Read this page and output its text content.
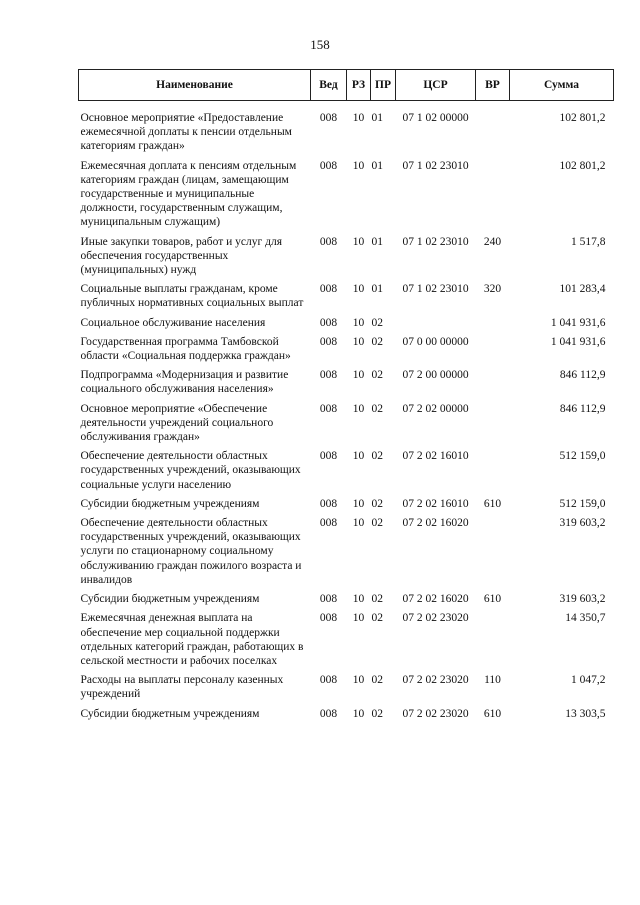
158
Наименование	Вед	РЗ	ПР	ЦСР	ВР	Сумма
Основное мероприятие «Предоставление ежемесячной доплаты к пенсии отдельным категориям граждан»	008	10	01	07 1 02 00000		102 801,2
Ежемесячная доплата к пенсиям отдельным категориям граждан (лицам, замещающим государственные и муниципальные должности, государственным служащим, муниципальным служащим)	008	10	01	07 1 02 23010		102 801,2
Иные закупки товаров, работ и услуг для обеспечения государственных (муниципальных) нужд	008	10	01	07 1 02 23010	240	1 517,8
Социальные выплаты гражданам, кроме публичных нормативных социальных выплат	008	10	01	07 1 02 23010	320	101 283,4
Социальное обслуживание населения	008	10	02			1 041 931,6
Государственная программа Тамбовской области «Социальная поддержка граждан»	008	10	02	07 0 00 00000		1 041 931,6
Подпрограмма «Модернизация и развитие социального обслуживания населения»	008	10	02	07 2 00 00000		846 112,9
Основное мероприятие «Обеспечение деятельности учреждений социального обслуживания граждан»	008	10	02	07 2 02 00000		846 112,9
Обеспечение деятельности областных государственных учреждений, оказывающих социальные услуги населению	008	10	02	07 2 02 16010		512 159,0
Субсидии бюджетным учреждениям	008	10	02	07 2 02 16010	610	512 159,0
Обеспечение деятельности областных государственных учреждений, оказывающих услуги по стационарному социальному обслуживанию граждан пожилого возраста и инвалидов	008	10	02	07 2 02 16020		319 603,2
Субсидии бюджетным учреждениям	008	10	02	07 2 02 16020	610	319 603,2
Ежемесячная денежная выплата на обеспечение мер социальной поддержки отдельных категорий граждан, работающих в сельской местности и рабочих поселках	008	10	02	07 2 02 23020		14 350,7
Расходы на выплаты персоналу казенных учреждений	008	10	02	07 2 02 23020	110	1 047,2
Субсидии бюджетным учреждениям	008	10	02	07 2 02 23020	610	13 303,5
